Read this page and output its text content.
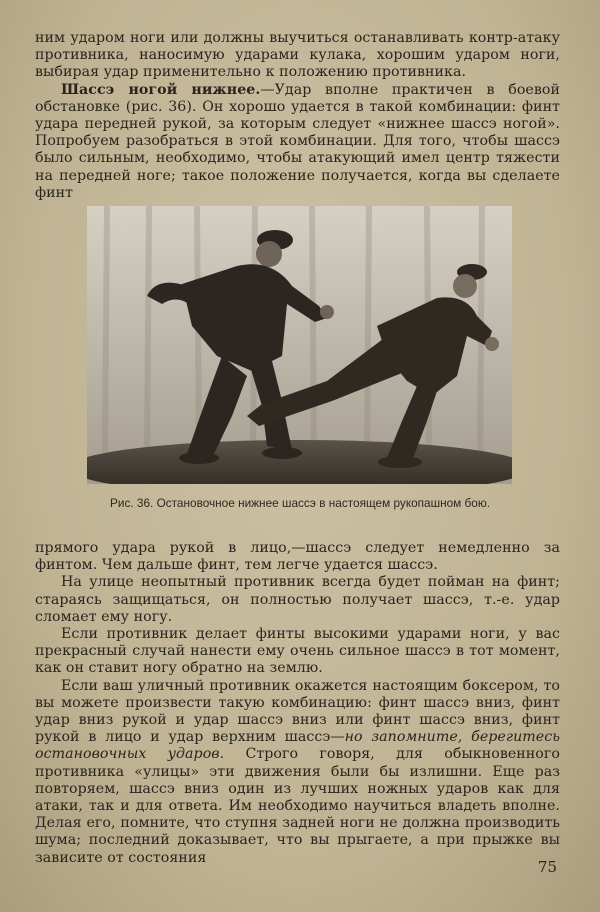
ним ударом ноги или должны выучиться останавливать контр-атаку противника, наносимую ударами кулака, хорошим ударом ноги, выбирая удар применительно к положению противника.

Шассэ ногой нижнее.—Удар вполне практичен в боевой обстановке (рис. 36). Он хорошо удается в такой комбинации: финт удара передней рукой, за которым следует «нижнее шассэ ногой». Попробуем разобраться в этой комбинации. Для того, чтобы шассэ было сильным, необходимо, чтобы атакующий имел центр тяжести на передней ноге; такое положение получается, когда вы сделаете финт

Рис. 36. Остановочное нижнее шассэ в настоящем рукопашном бою.

прямого удара рукой в лицо,—шассэ следует немедленно за финтом. Чем дальше финт, тем легче удается шассэ.

На улице неопытный противник всегда будет пойман на финт; стараясь защищаться, он полностью получает шассэ, т.-е. удар сломает ему ногу.

Если противник делает финты высокими ударами ноги, у вас прекрасный случай нанести ему очень сильное шассэ в тот момент, как он ставит ногу обратно на землю.

Если ваш уличный противник окажется настоящим боксером, то вы можете произвести такую комбинацию: финт шассэ вниз, финт удар вниз рукой и удар шассэ вниз или финт шассэ вниз, финт рукой в лицо и удар верхним шассэ—но запомните, берегитесь остановочных ударов. Строго говоря, для обыкновенного противника «улицы» эти движения были бы излишни. Еще раз повторяем, шассэ вниз один из лучших ножных ударов как для атаки, так и для ответа. Им необходимо научиться владеть вполне. Делая его, помните, что ступня задней ноги не должна производить шума; последний доказывает, что вы прыгаете, а при прыжке вы зависите от состояния

75
